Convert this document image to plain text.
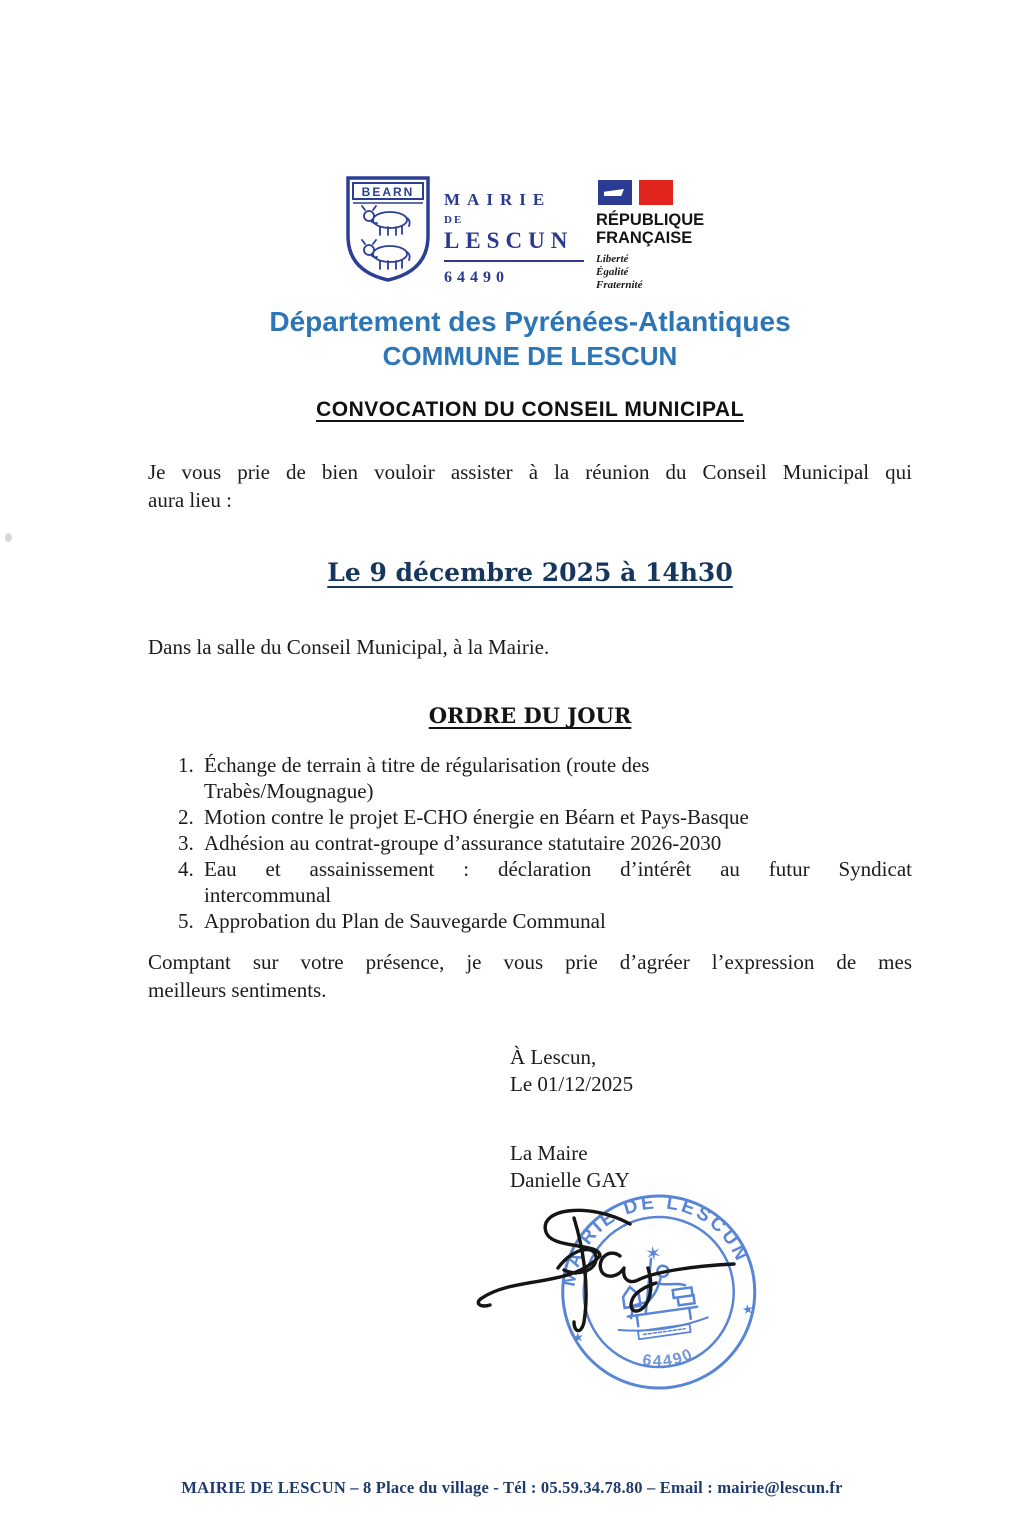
BEARN MAIRIE
DE
LESCUN
64490
RÉPUBLIQUE
FRANÇAISE
Liberté
Égalité
Fraternité
Département des Pyrénées-Atlantiques
COMMUNE DE LESCUN
CONVOCATION DU CONSEIL MUNICIPAL
Je vous prie de bien vouloir assister à la réunion du Conseil Municipal qui
aura lieu :
Le 9 décembre 2025 à 14h30
Dans la salle du Conseil Municipal, à la Mairie.
ORDRE DU JOUR
1. Échange de terrain à titre de régularisation (route des
Trabès/Mougnague)
2. Motion contre le projet E-CHO énergie en Béarn et Pays-Basque
3. Adhésion au contrat-groupe d’assurance statutaire 2026-2030
4. Eau et assainissement : déclaration d’intérêt au futur Syndicat
intercommunal
5. Approbation du Plan de Sauvegarde Communal
Comptant sur votre présence, je vous prie d’agréer l’expression de mes
meilleurs sentiments.
À Lescun,
Le 01/12/2025
La Maire
Danielle GAY
MAIRIE DE LESCUN
64490
★
★
✶
MAIRIE DE LESCUN – 8 Place du village - Tél : 05.59.34.78.80 – Email : mairie@lescun.fr
